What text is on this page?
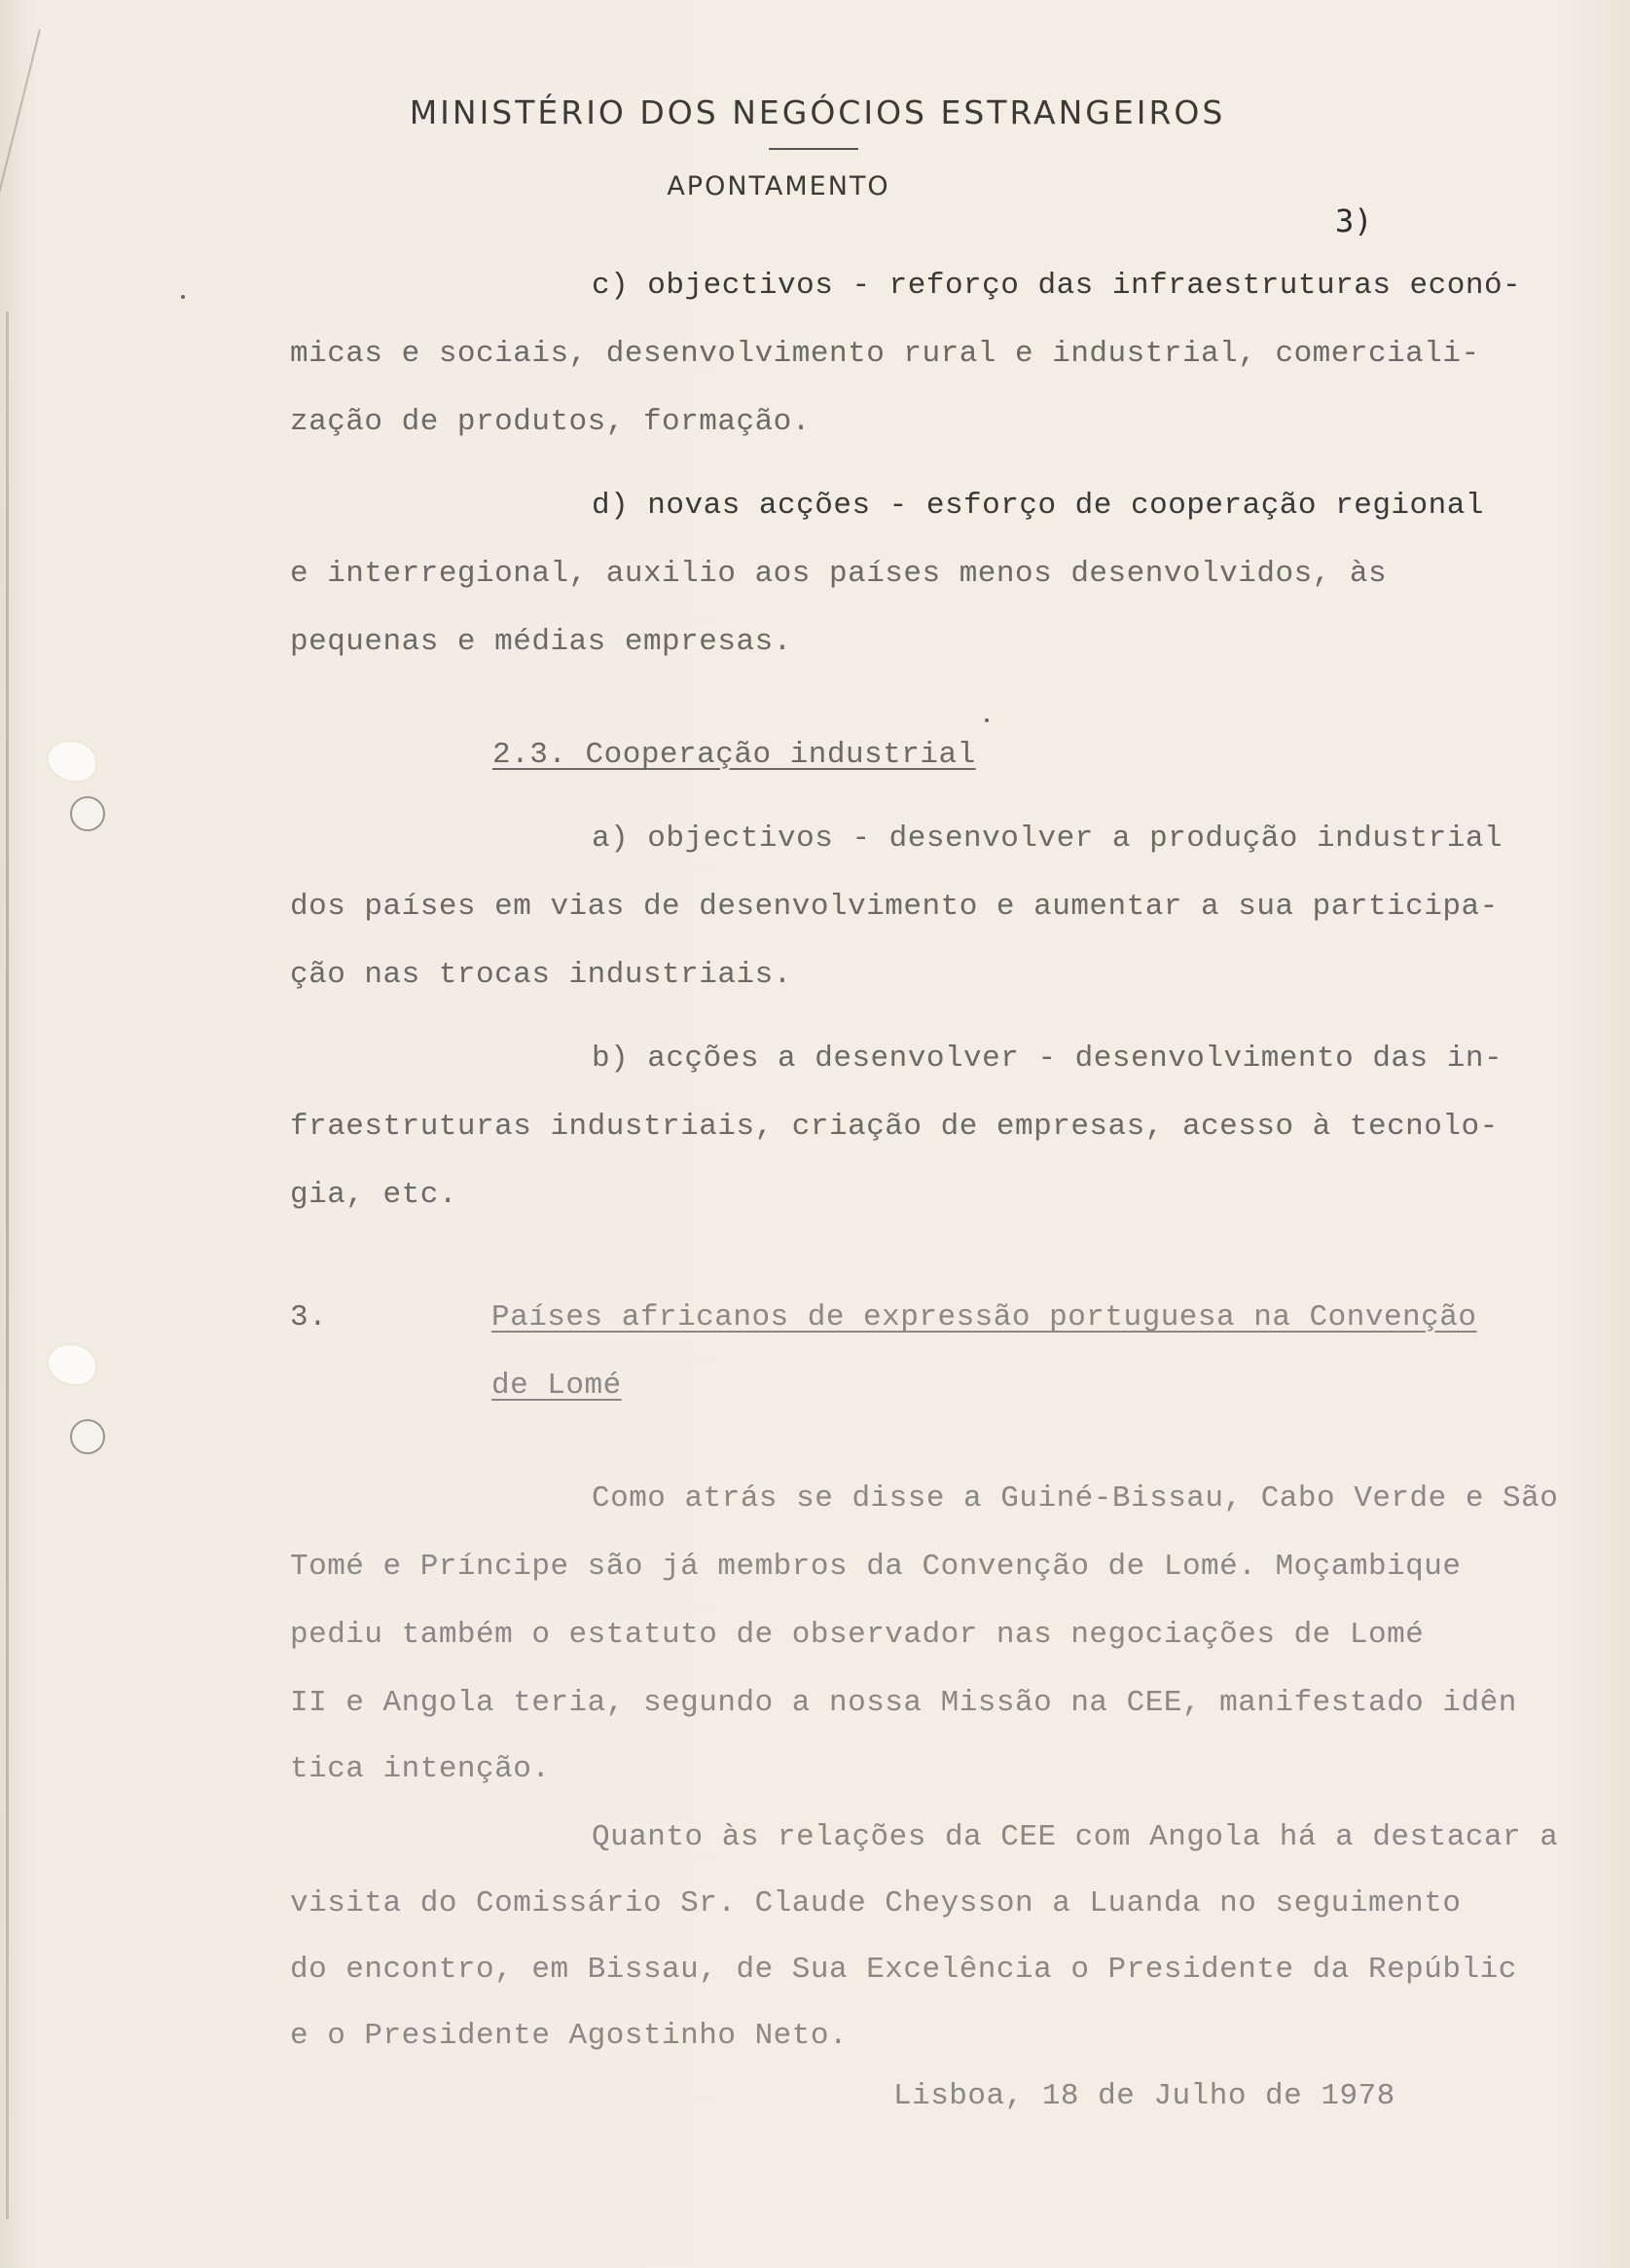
MINISTÉRIO DOS NEGÓCIOS ESTRANGEIROS
APONTAMENTO
3)
c) objectivos - reforço das infraestruturas econó-
micas e sociais, desenvolvimento rural e industrial, comerciali-
zação de produtos, formação.
d) novas acções - esforço de cooperação regional
e interregional, auxilio aos países menos desenvolvidos, às
pequenas e médias empresas.
2.3. Cooperação industrial
a) objectivos - desenvolver a produção industrial
dos países em vias de desenvolvimento e aumentar a sua participa-
ção nas trocas industriais.
b) acções a desenvolver - desenvolvimento das in-
fraestruturas industriais, criação de empresas, acesso à tecnolo-
gia, etc.
3.	Países africanos de expressão portuguesa na Convenção
de Lomé
Como atrás se disse a Guiné-Bissau, Cabo Verde e São
Tomé e Príncipe são já membros da Convenção de Lomé. Moçambique
pediu também o estatuto de observador nas negociações de Lomé
II e Angola teria, segundo a nossa Missão na CEE, manifestado idên
tica intenção.
Quanto às relações da CEE com Angola há a destacar a
visita do Comissário Sr. Claude Cheysson a Luanda no seguimento
do encontro, em Bissau, de Sua Excelência o Presidente da Repúblic
e o Presidente Agostinho Neto.
Lisboa, 18 de Julho de 1978
